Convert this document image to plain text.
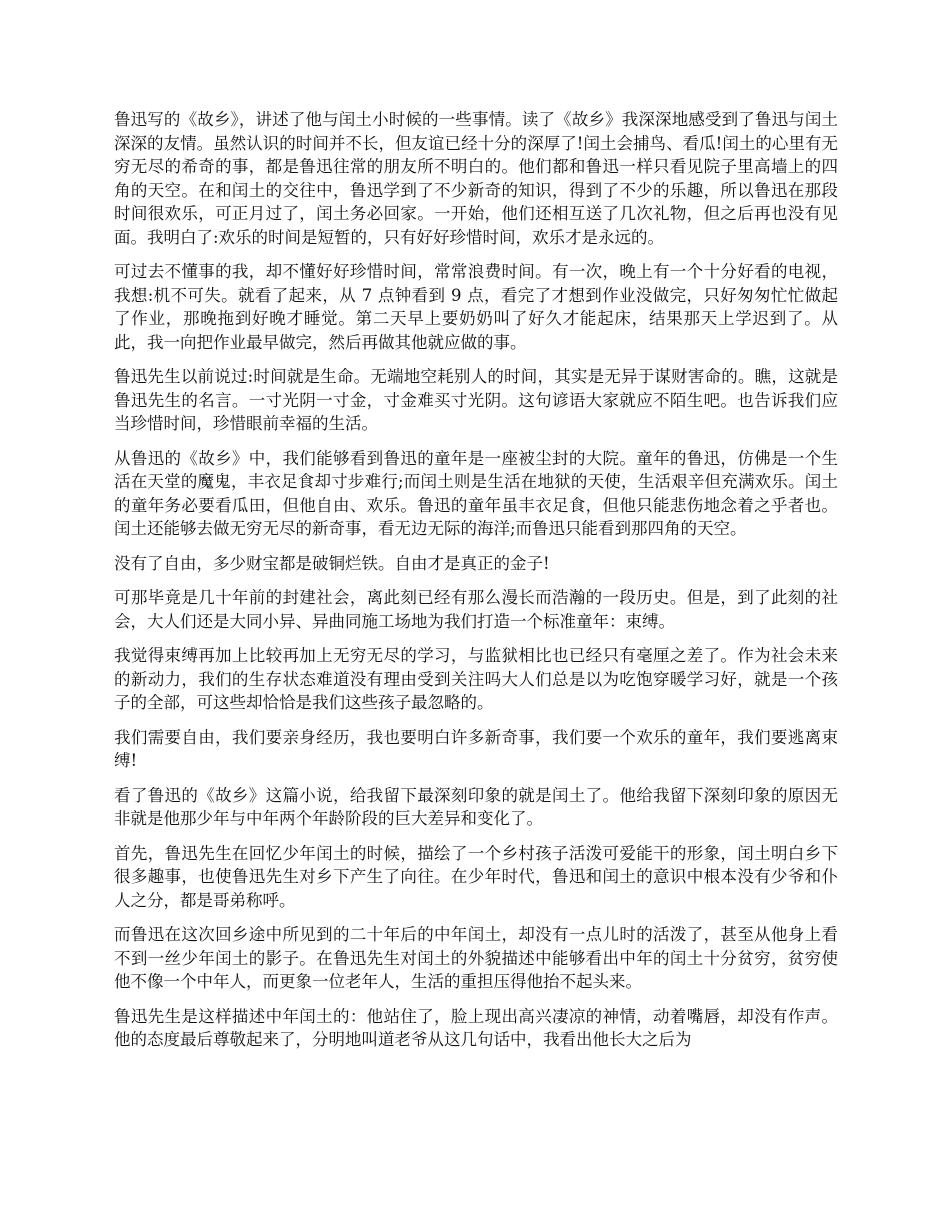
鲁迅写的《故乡》，讲述了他与闰土小时候的一些事情。读了《故乡》我深深地感受到了鲁迅与闰土深深的友情。虽然认识的时间并不长，但友谊已经十分的深厚了!闰土会捕鸟、看瓜!闰土的心里有无穷无尽的希奇的事，都是鲁迅往常的朋友所不明白的。他们都和鲁迅一样只看见院子里高墙上的四角的天空。在和闰土的交往中，鲁迅学到了不少新奇的知识，得到了不少的乐趣，所以鲁迅在那段时间很欢乐，可正月过了，闰土务必回家。一开始，他们还相互送了几次礼物，但之后再也没有见面。我明白了:欢乐的时间是短暂的，只有好好珍惜时间，欢乐才是永远的。

可过去不懂事的我，却不懂好好珍惜时间，常常浪费时间。有一次，晚上有一个十分好看的电视，我想:机不可失。就看了起来，从 7 点钟看到 9 点，看完了才想到作业没做完，只好匆匆忙忙做起了作业，那晚拖到好晚才睡觉。第二天早上要奶奶叫了好久才能起床，结果那天上学迟到了。从此，我一向把作业最早做完，然后再做其他就应做的事。

鲁迅先生以前说过:时间就是生命。无端地空耗别人的时间，其实是无异于谋财害命的。瞧，这就是鲁迅先生的名言。一寸光阴一寸金，寸金难买寸光阴。这句谚语大家就应不陌生吧。也告诉我们应当珍惜时间，珍惜眼前幸福的生活。

从鲁迅的《故乡》中，我们能够看到鲁迅的童年是一座被尘封的大院。童年的鲁迅，仿佛是一个生活在天堂的魔鬼，丰衣足食却寸步难行;而闰土则是生活在地狱的天使，生活艰辛但充满欢乐。闰土的童年务必要看瓜田，但他自由、欢乐。鲁迅的童年虽丰衣足食，但他只能悲伤地念着之乎者也。闰土还能够去做无穷无尽的新奇事，看无边无际的海洋;而鲁迅只能看到那四角的天空。

没有了自由，多少财宝都是破铜烂铁。自由才是真正的金子!

可那毕竟是几十年前的封建社会，离此刻已经有那么漫长而浩瀚的一段历史。但是，到了此刻的社会，大人们还是大同小异、异曲同施工场地为我们打造一个标准童年：束缚。

我觉得束缚再加上比较再加上无穷无尽的学习，与监狱相比也已经只有毫厘之差了。作为社会未来的新动力，我们的生存状态难道没有理由受到关注吗大人们总是以为吃饱穿暖学习好，就是一个孩子的全部，可这些却恰恰是我们这些孩子最忽略的。

我们需要自由，我们要亲身经历，我也要明白许多新奇事，我们要一个欢乐的童年，我们要逃离束缚!

看了鲁迅的《故乡》这篇小说，给我留下最深刻印象的就是闰土了。他给我留下深刻印象的原因无非就是他那少年与中年两个年龄阶段的巨大差异和变化了。

首先，鲁迅先生在回忆少年闰土的时候，描绘了一个乡村孩子活泼可爱能干的形象，闰土明白乡下很多趣事，也使鲁迅先生对乡下产生了向往。在少年时代，鲁迅和闰土的意识中根本没有少爷和仆人之分，都是哥弟称呼。

而鲁迅在这次回乡途中所见到的二十年后的中年闰土，却没有一点儿时的活泼了，甚至从他身上看不到一丝少年闰土的影子。在鲁迅先生对闰土的外貌描述中能够看出中年的闰土十分贫穷，贫穷使他不像一个中年人，而更象一位老年人，生活的重担压得他抬不起头来。

鲁迅先生是这样描述中年闰土的：他站住了，脸上现出高兴凄凉的神情，动着嘴唇，却没有作声。他的态度最后尊敬起来了，分明地叫道老爷从这几句话中，我看出他长大之后为
